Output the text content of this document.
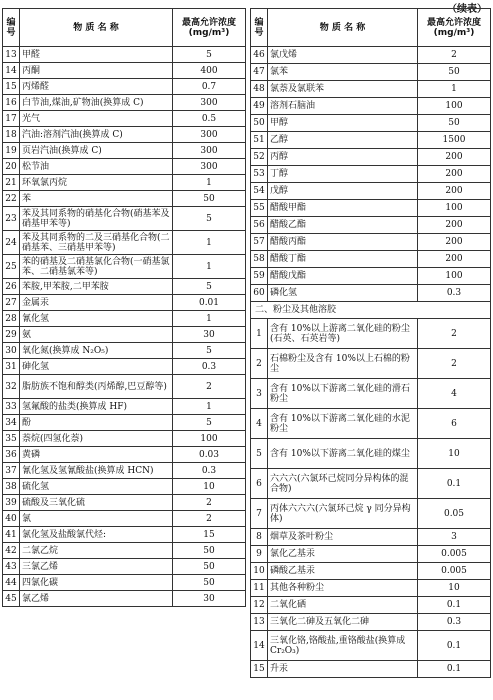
（续表）
编号	物 质 名 称	最高允许浓度
(mg/m³)
13	甲醛	5
14	丙酮	400
15	丙烯醛	0.7
16	白节油,煤油,矿物油(换算成 C)	300
17	光气	0.5
18	汽油:溶剂汽油(换算成 C)	300
19	页岩汽油(换算成 C)	300
20	松节油	300
21	环氧氯丙烷	1
22	苯	50
23	苯及其同系物的硝基化合物(硝基苯及硝基甲苯等)	5
24	苯及其同系物的二及三硝基化合物(二硝基苯、三硝基甲苯等)	1
25	苯的硝基及二硝基氯化合物(一硝基氯苯、二硝基氯苯等)	1
26	苯胺,甲苯胺,二甲苯胺	5
27	金属汞	0.01
28	氰化氢	1
29	氨	30
30	氧化氮(换算成 N₂O₅)	5
31	砷化氢	0.3
32	脂肪族不饱和醇类(丙烯醇,巴豆醇等)	2
33	氢氟酸的盐类(换算成 HF)	1
34	酚	5
35	萘烷(四氢化萘)	100
36	黄磷	0.03
37	氰化氢及氢氰酸盐(换算成 HCN)	0.3
38	硫化氢	10
39	硫酸及三氧化硫	2
40	氯	2
41	氯化氢及盐酸氯代烃:	15
42	二氯乙烷	50
43	三氯乙烯	50
44	四氯化碳	50
45	氯乙烯	30
编号	物 质 名 称	最高允许浓度
(mg/m³)
46	氯戊烯	2
47	氯苯	50
48	氯萘及氯联苯	1
49	溶剂石脑油	100
50	甲醇	50
51	乙醇	1500
52	丙醇	200
53	丁醇	200
54	戊醇	200
55	醋酸甲酯	100
56	醋酸乙酯	200
57	醋酸丙酯	200
58	醋酸丁酯	200
59	醋酸戊酯	100
60	磷化氢	0.3
二、粉尘及其他溶胶		
1	含有 10%以上游离二氧化硅的粉尘(石英、石英岩等)	2
2	石棉粉尘及含有 10%以上石棉的粉尘	2
3	含有 10%以下游离二氧化硅的滑石粉尘	4
4	含有 10%以下游离二氧化硅的水泥粉尘	6
5	含有 10%以下游离二氧化硅的煤尘	10
6	六六六(六氯环己烷同分异构体的混合物)	0.1
7	丙体六六六(六氯环己烷 γ 同分异构体)	0.05
8	烟草及茶叶粉尘	3
9	氯化乙基汞	0.005
10	磷酸乙基汞	0.005
11	其他各种粉尘	10
12	二氧化硒	0.1
13	三氧化二砷及五氧化二砷	0.3
14	三氧化铬,铬酸盐,重铬酸盐(换算成 Cr₂O₃)	0.1
15	升汞	0.1
